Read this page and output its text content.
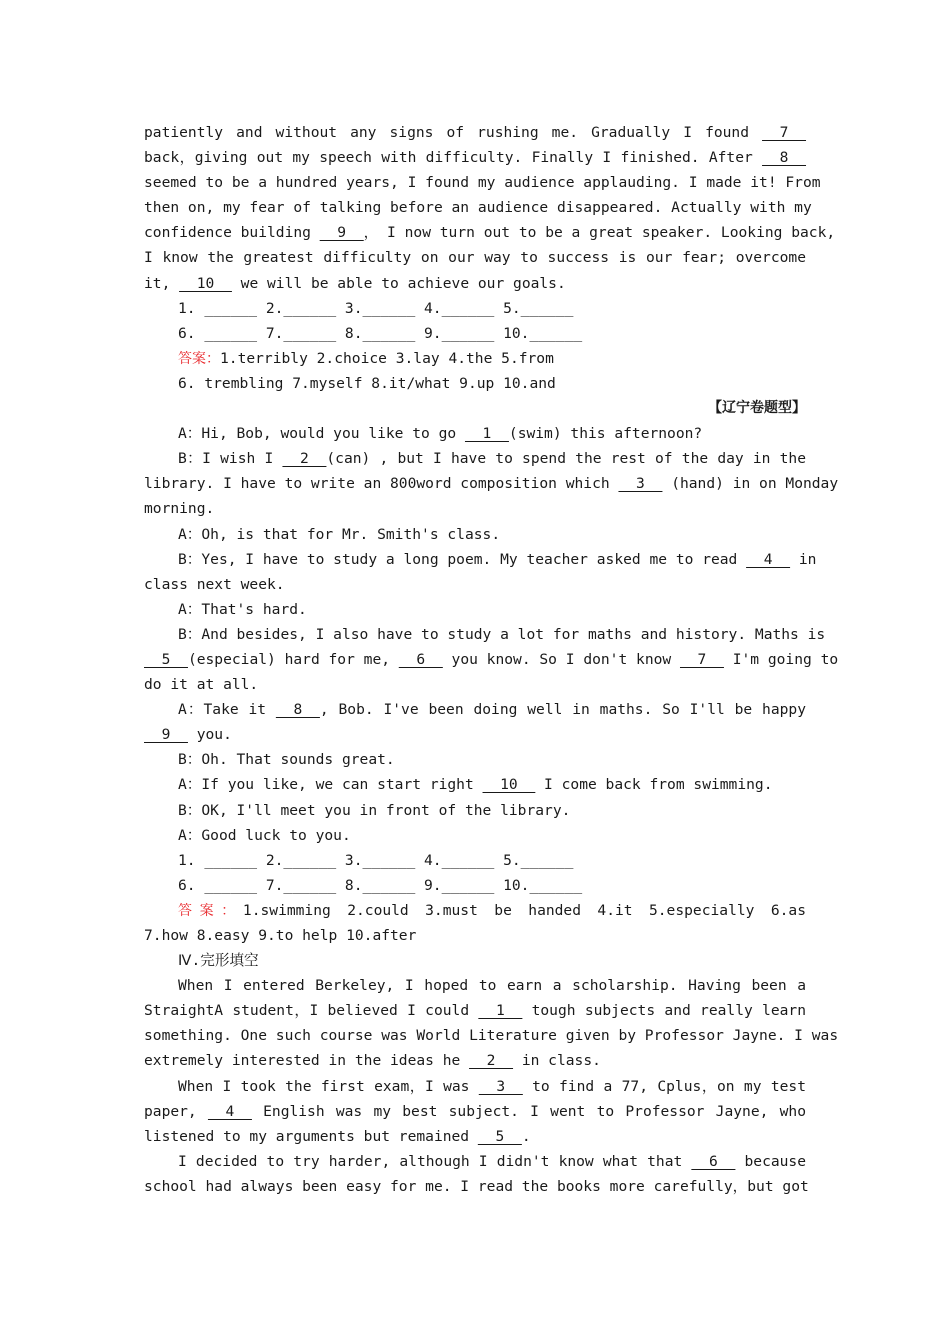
patiently and without any signs of rushing me. Gradually I found __7__
back，giving out my speech with difficulty. Finally I finished. After __8__
seemed to be a hundred years, I found my audience applauding. I made it! From
then on, my fear of talking before an audience disappeared. Actually with my
confidence building __9__， I now turn out to be a great speaker. Looking back,
I know the greatest difficulty on our way to success is our fear; overcome
it, __10__ we will be able to achieve our goals.
1. ______ 2.______ 3.______ 4.______ 5.______
6. ______ 7.______ 8.______ 9.______ 10.______
答案：1.terribly 2.choice 3.lay 4.the 5.from
6. trembling 7.myself 8.it/what 9.up 10.and
【辽宁卷题型】
A：Hi, Bob, would you like to go __1__(swim) this afternoon?
B：I wish I __2__(can) , but I have to spend the rest of the day in the
library. I have to write an 800word composition which __3__ (hand) in on Monday
morning.
A：Oh, is that for Mr. Smith's class.
B：Yes, I have to study a long poem. My teacher asked me to read __4__ in
class next week.
A：That's hard.
B：And besides, I also have to study a lot for maths and history. Maths is
__5__(especial) hard for me, __6__ you know. So I don't know __7__ I'm going to
do it at all.
A：Take it __8__, Bob. I've been doing well in maths. So I'll be happy
__9__ you.
B：Oh. That sounds great.
A：If you like, we can start right __10__ I come back from swimming.
B：OK, I'll meet you in front of the library.
A：Good luck to you.
1. ______ 2.______ 3.______ 4.______ 5.______
6. ______ 7.______ 8.______ 9.______ 10.______
答案：1.swimming 2.could 3.must be handed 4.it 5.especially 6.as
7.how 8.easy 9.to help 10.after
Ⅳ.完形填空
When I entered Berkeley, I hoped to earn a scholarship. Having been a
StraightA student，I believed I could __1__ tough subjects and really learn
something. One such course was World Literature given by Professor Jayne. I was
extremely interested in the ideas he __2__ in class.
When I took the first exam，I was __3__ to find a 77, Cplus，on my test
paper, __4__ English was my best subject. I went to Professor Jayne, who
listened to my arguments but remained __5__.
I decided to try harder, although I didn't know what that __6__ because
school had always been easy for me. I read the books more carefully，but got
